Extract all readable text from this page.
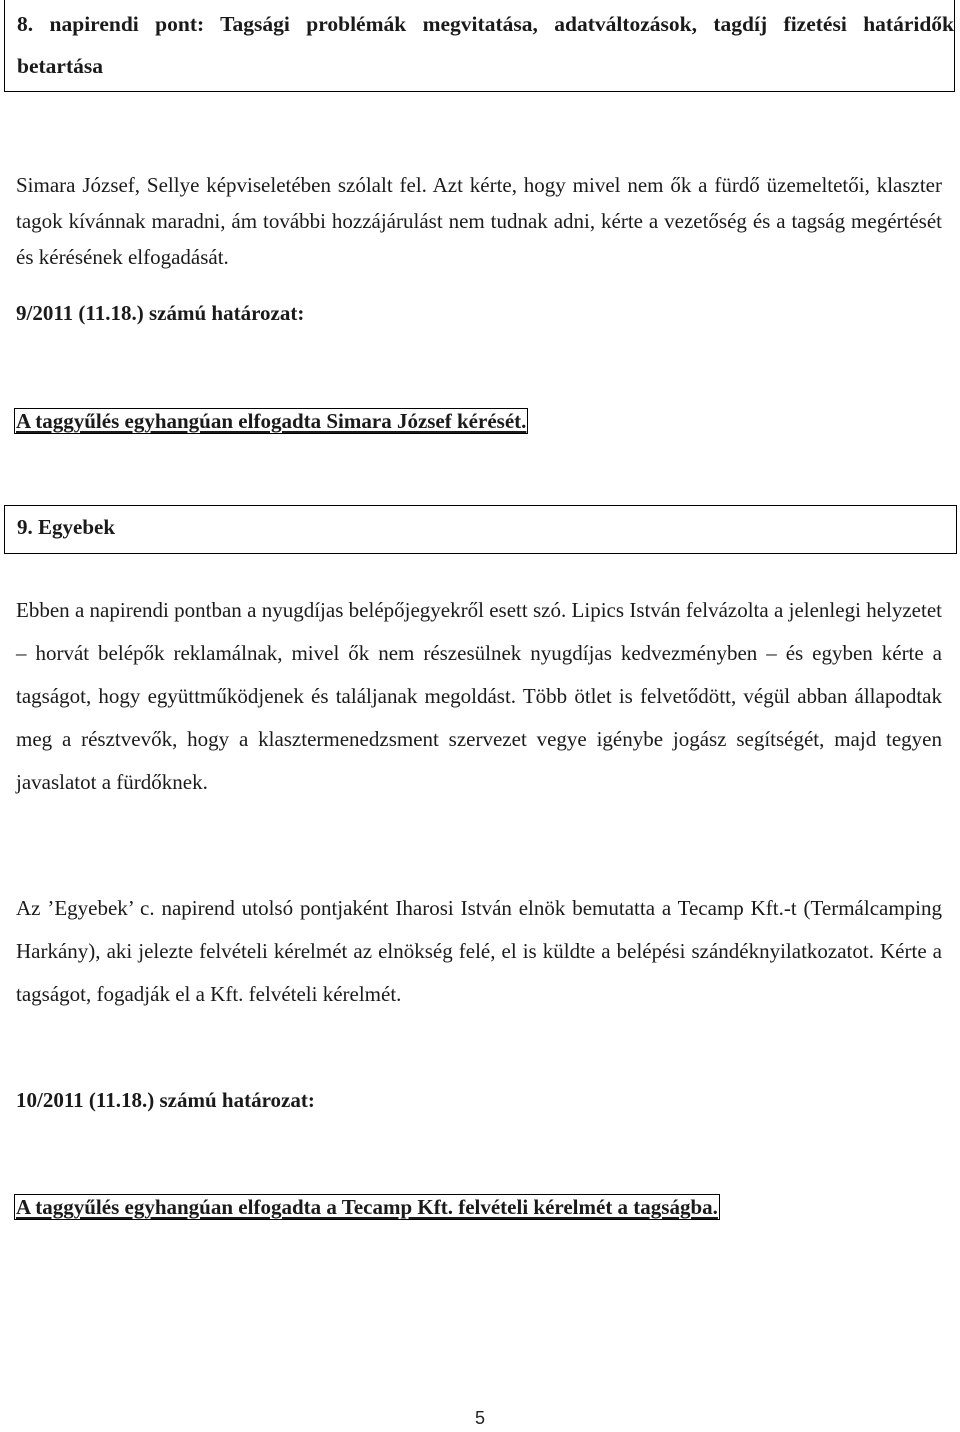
8. napirendi pont: Tagsági problémák megvitatása, adatváltozások, tagdíj fizetési határidők betartása

Simara József, Sellye képviseletében szólalt fel. Azt kérte, hogy mivel nem ők a fürdő üzemeltetői, klaszter tagok kívánnak maradni, ám további hozzájárulást nem tudnak adni, kérte a vezetőség és a tagság megértését és kérésének elfogadását.

9/2011 (11.18.) számú határozat:
A taggyűlés egyhangúan elfogadta Simara József kérését.
9. Egyebek

Ebben a napirendi pontban a nyugdíjas belépőjegyekről esett szó. Lipics István felvázolta a jelenlegi helyzetet – horvát belépők reklamálnak, mivel ők nem részesülnek nyugdíjas kedvezményben – és egyben kérte a tagságot, hogy együttműködjenek és találjanak megoldást. Több ötlet is felvetődött, végül abban állapodtak meg a résztvevők, hogy a klasztermenedzsment szervezet vegye igénybe jogász segítségét, majd tegyen javaslatot a fürdőknek.

Az ’Egyebek’ c. napirend utolsó pontjaként Iharosi István elnök bemutatta a Tecamp Kft.-t (Termálcamping Harkány), aki jelezte felvételi kérelmét az elnökség felé, el is küldte a belépési szándéknyilatkozatot. Kérte a tagságot, fogadják el a Kft. felvételi kérelmét.

10/2011 (11.18.) számú határozat:
A taggyűlés egyhangúan elfogadta a Tecamp Kft. felvételi kérelmét a tagságba.
5
